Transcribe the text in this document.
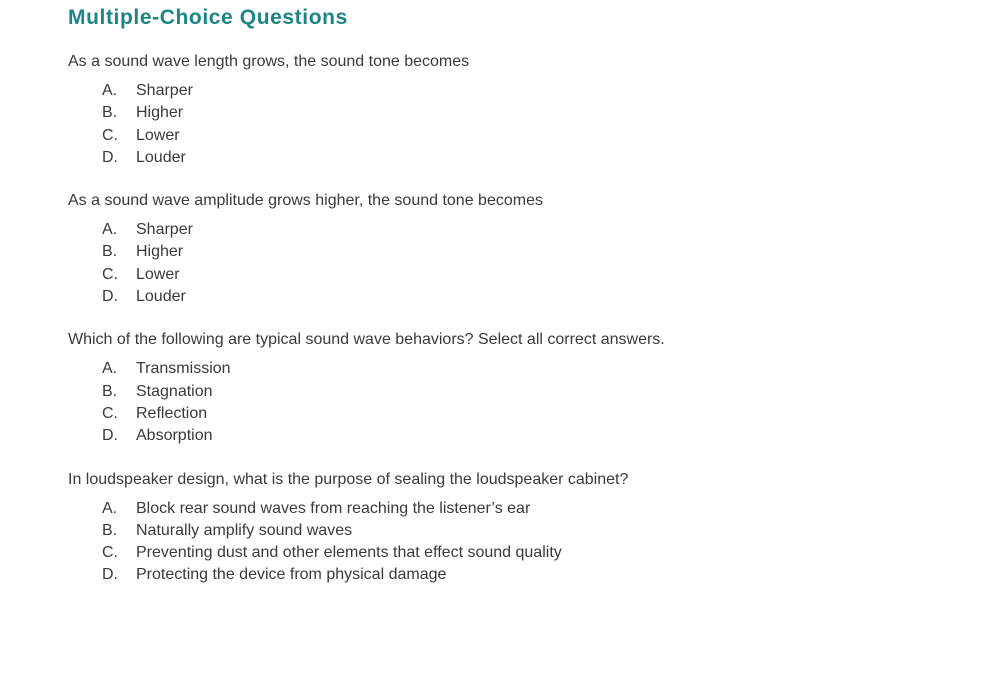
Multiple-Choice Questions

As a sound wave length grows, the sound tone becomes

A.	Sharper
B.	Higher
C.	Lower
D.	Louder

As a sound wave amplitude grows higher, the sound tone becomes

A.	Sharper
B.	Higher
C.	Lower
D.	Louder

Which of the following are typical sound wave behaviors? Select all correct answers.

A.	Transmission
B.	Stagnation
C.	Reflection
D.	Absorption

In loudspeaker design, what is the purpose of sealing the loudspeaker cabinet?

A.	Block rear sound waves from reaching the listener’s ear
B.	Naturally amplify sound waves
C.	Preventing dust and other elements that effect sound quality
D.	Protecting the device from physical damage
